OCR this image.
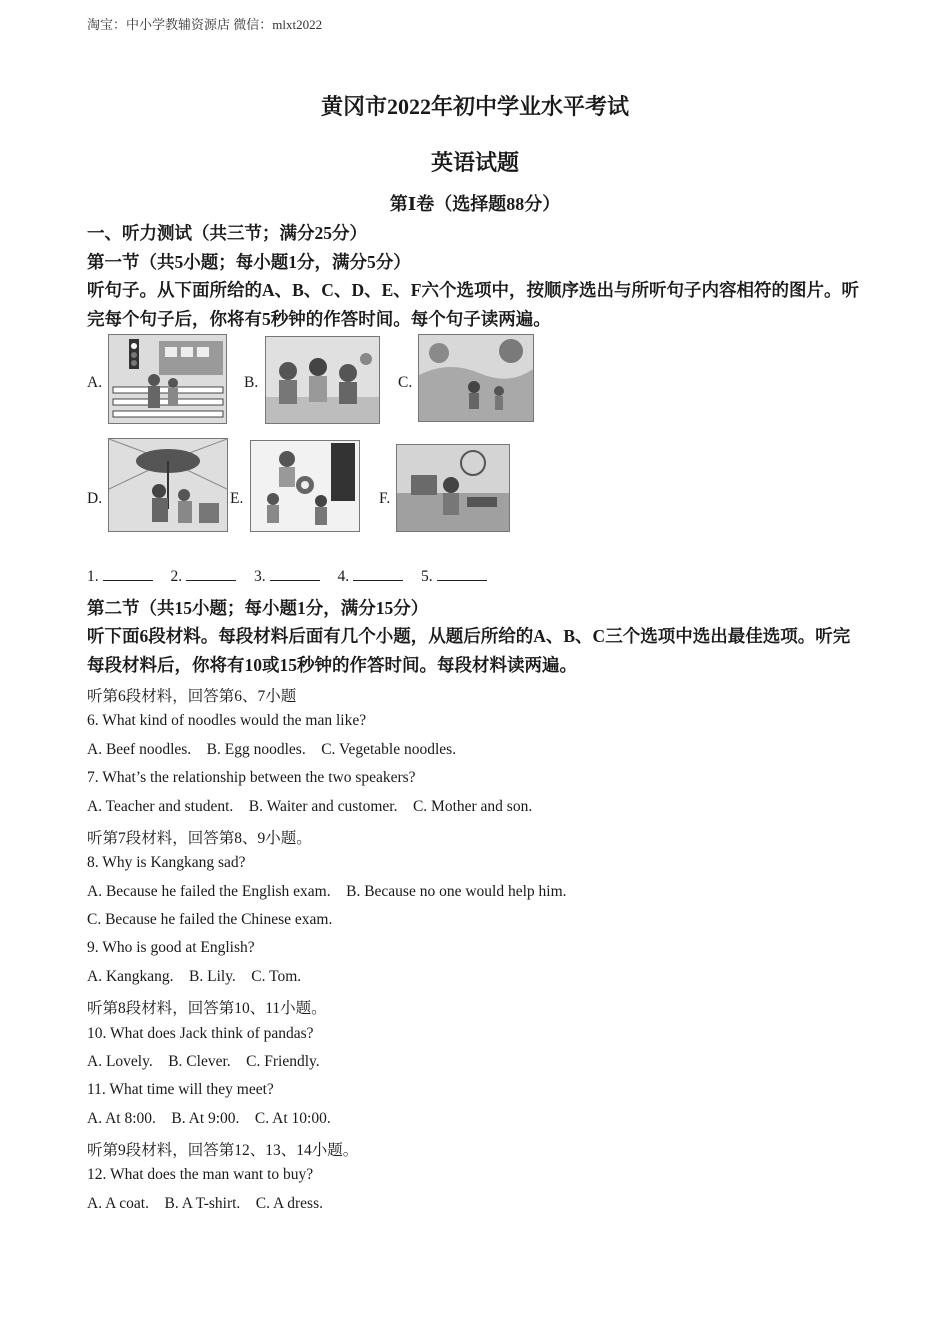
淘宝：中小学教辅资源店 微信：mlxt2022
黄冈市2022年初中学业水平考试
英语试题
第Ⅰ卷（选择题88分）
一、听力测试（共三节；满分25分）
第一节（共5小题；每小题1分，满分5分）
听句子。从下面所给的A、B、C、D、E、F六个选项中，按顺序选出与所听句子内容相符的图片。听完每个句子后，你将有5秒钟的作答时间。每个句子读两遍。
A.	B.	C.
D.	E.	F.
1.	2.	3.	4.	5.
第二节（共15小题；每小题1分，满分15分）
听下面6段材料。每段材料后面有几个小题，从题后所给的A、B、C三个选项中选出最佳选项。听完每段材料后，你将有10或15秒钟的作答时间。每段材料读两遍。
听第6段材料，回答第6、7小题
6. What kind of noodles would the man like?
A. Beef noodles.    B. Egg noodles.    C. Vegetable noodles.
7. What’s the relationship between the two speakers?
A. Teacher and student.    B. Waiter and customer.    C. Mother and son.
听第7段材料，回答第8、9小题。
8. Why is Kangkang sad?
A. Because he failed the English exam.    B. Because no one would help him.
C. Because he failed the Chinese exam.
9. Who is good at English?
A. Kangkang.    B. Lily.    C. Tom.
听第8段材料，回答第10、11小题。
10. What does Jack think of pandas?
A. Lovely.    B. Clever.    C. Friendly.
11. What time will they meet?
A. At 8:00.    B. At 9:00.    C. At 10:00.
听第9段材料，回答第12、13、14小题。
12. What does the man want to buy?
A. A coat.    B. A T-shirt.    C. A dress.
